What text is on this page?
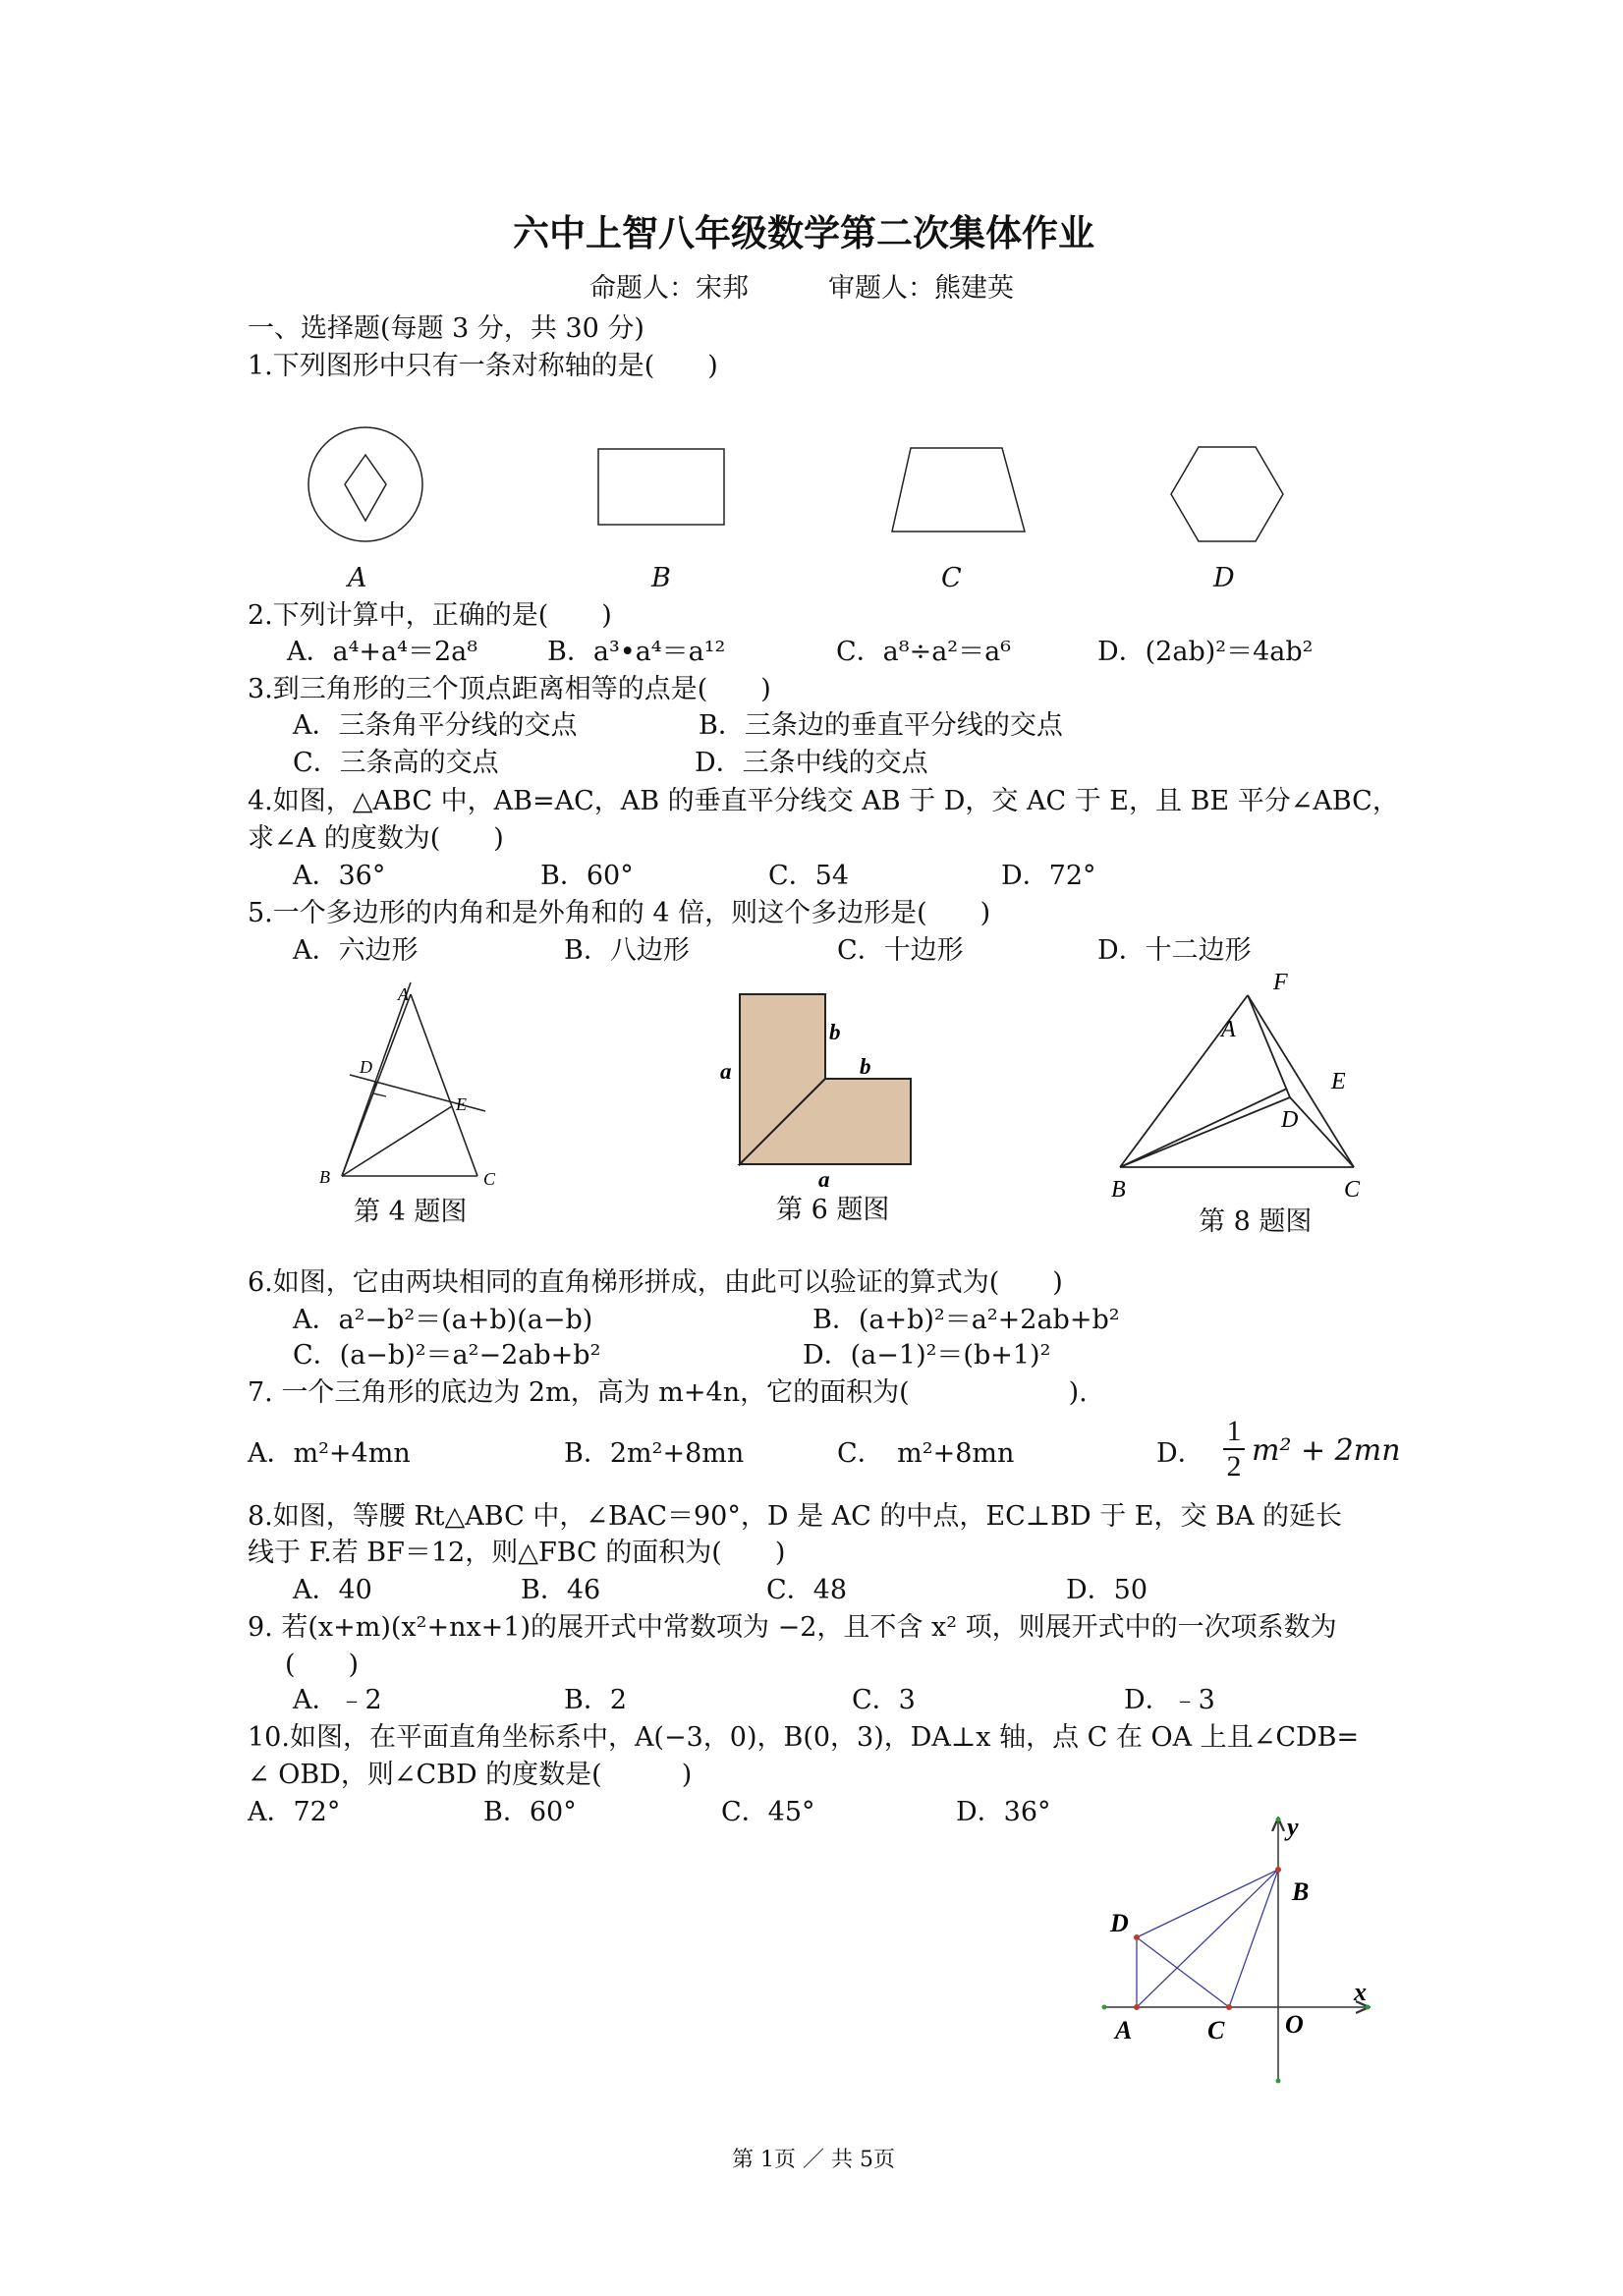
六中上智八年级数学第二次集体作业
命题人：宋邦　　　审题人：熊建英
一、选择题(每题 3 分，共 30 分)
1.下列图形中只有一条对称轴的是(　　)
A	B	C	D
2.下列计算中，正确的是(　　)
A．a⁴+a⁴＝2a⁸	B．a³•a⁴＝a¹²	C．a⁸÷a²＝a⁶	D．(2ab)²＝4ab²
3.到三角形的三个顶点距离相等的点是(　　)
A．三条角平分线的交点	B．三条边的垂直平分线的交点
C．三条高的交点	D．三条中线的交点
4.如图，△ABC 中，AB=AC，AB 的垂直平分线交 AB 于 D，交 AC 于 E，且 BE 平分∠ABC，
求∠A 的度数为(　　)
A．36°	B．60°	C．54	D．72°
5.一个多边形的内角和是外角和的 4 倍，则这个多边形是(　　)
A．六边形	B．八边形	C．十边形	D．十二边形
A
D
E
B	C
第 4 题图
a
b
b
a
第 6 题图
F
A
E
D
B	C
第 8 题图
6.如图，它由两块相同的直角梯形拼成，由此可以验证的算式为(　　)
A．a²−b²＝(a+b)(a−b)	B．(a+b)²＝a²+2ab+b²
C．(a−b)²＝a²−2ab+b²	D．(a−1)²＝(b+1)²
7. 一个三角形的底边为 2m，高为 m+4n，它的面积为(　　　　　　).
A．m²+4mn	B．2m²+8mn	C．　m²+8mn	D．
1
2 m² + 2mn
8.如图，等腰 Rt△ABC 中，∠BAC＝90°，D 是 AC 的中点，EC⊥BD 于 E，交 BA 的延长
线于 F.若 BF＝12，则△FBC 的面积为(　　)
A．40	B．46	C．48	D．50
9. 若(x+m)(x²+nx+1)的展开式中常数项为 −2，且不含 x² 项，则展开式中的一次项系数为
(　　)
A．﹣2	B．2	C．3	D．﹣3
10.如图，在平面直角坐标系中，A(−3，0)，B(0，3)，DA⊥x 轴，点 C 在 OA 上且∠CDB=
∠ OBD，则∠CBD 的度数是(　　　)
A．72°	B．60°	C．45°	D．36°	y
B
D
x
A	C O
第 1页 ／ 共 5页
